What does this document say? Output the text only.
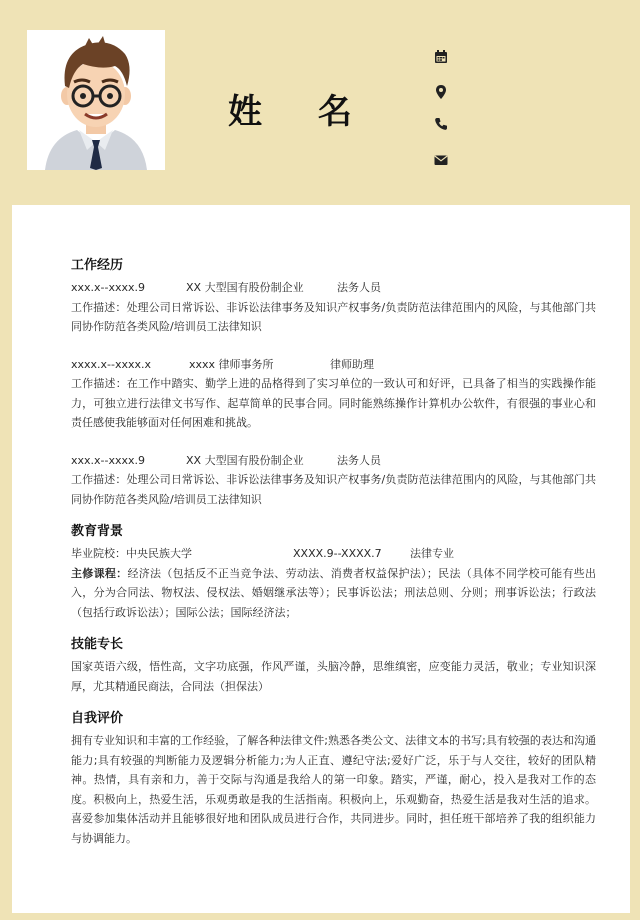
姓 名
工作经历
xxx.x--xxxx.9	XX 大型国有股份制企业	法务人员
工作描述：处理公司日常诉讼、非诉讼法律事务及知识产权事务/负责防范法律范围内的风险，与其他部门共同协作防范各类风险/培训员工法律知识
xxxx.x--xxxx.x	xxxx 律师事务所	律师助理
工作描述：在工作中踏实、勤学上进的品格得到了实习单位的一致认可和好评，已具备了相当的实践操作能力，可独立进行法律文书写作、起草简单的民事合同。同时能熟练操作计算机办公软件，有很强的事业心和责任感使我能够面对任何困难和挑战。
xxx.x--xxxx.9	XX 大型国有股份制企业	法务人员
工作描述：处理公司日常诉讼、非诉讼法律事务及知识产权事务/负责防范法律范围内的风险，与其他部门共同协作防范各类风险/培训员工法律知识
教育背景
毕业院校：中央民族大学	XXXX.9--XXXX.7	法律专业
主修课程：经济法（包括反不正当竞争法、劳动法、消费者权益保护法）；民法（具体不同学校可能有些出入，分为合同法、物权法、侵权法、婚姻继承法等）；民事诉讼法；刑法总则、分则；刑事诉讼法；行政法（包括行政诉讼法）；国际公法；国际经济法；
技能专长
国家英语六级，悟性高，文字功底强，作风严谨，头脑冷静，思维缜密，应变能力灵活，敬业；专业知识深厚，尤其精通民商法，合同法（担保法）
自我评价
拥有专业知识和丰富的工作经验，了解各种法律文件;熟悉各类公文、法律文本的书写;具有较强的表达和沟通能力;具有较强的判断能力及逻辑分析能力;为人正直、遵纪守法;爱好广泛，乐于与人交往，较好的团队精神。热情，具有亲和力，善于交际与沟通是我给人的第一印象。踏实，严谨，耐心，投入是我对工作的态度。积极向上，热爱生活，乐观勇敢是我的生活指南。积极向上，乐观勤奋，热爱生活是我对生活的追求。喜爱参加集体活动并且能够很好地和团队成员进行合作，共同进步。同时，担任班干部培养了我的组织能力与协调能力。
